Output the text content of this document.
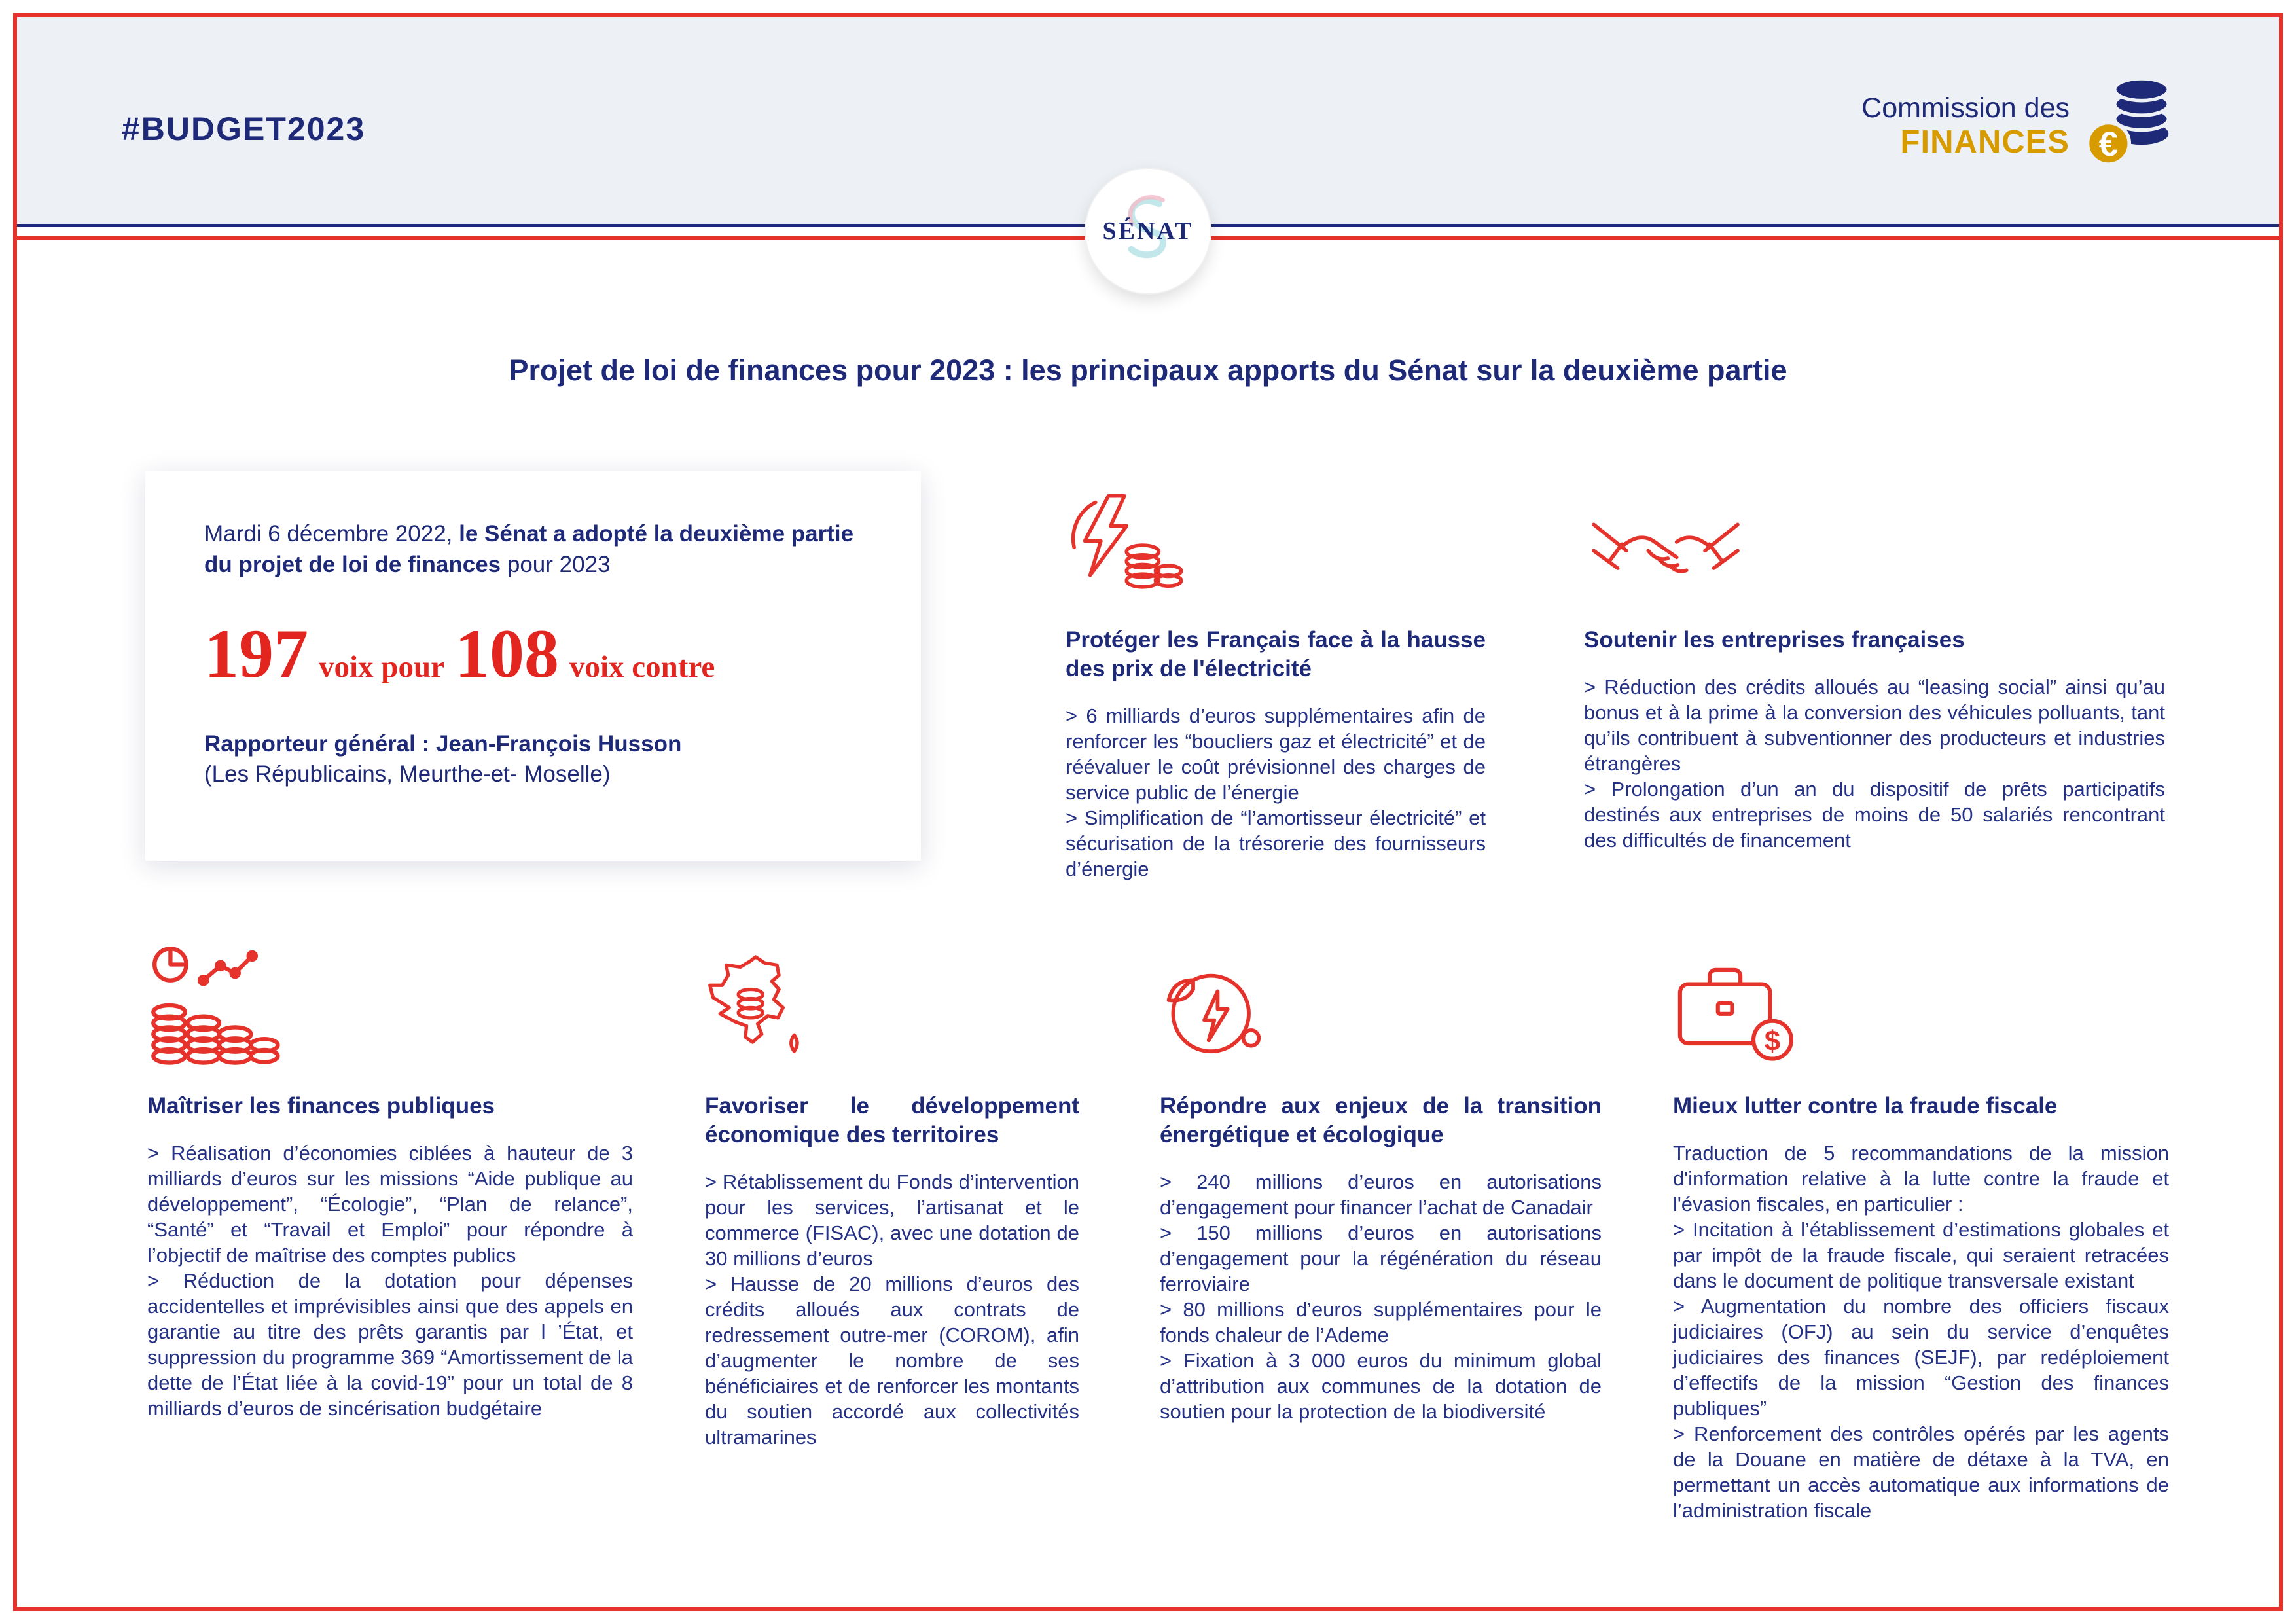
#BUDGET2023
Commission des
FINANCES €
SÉNAT
Projet de loi de finances pour 2023 : les principaux apports du Sénat sur la deuxième partie

Mardi 6 décembre 2022, le Sénat a adopté la deuxième partie du projet de loi de finances pour 2023

197 voix pour 108 voix contre

Rapporteur général : Jean-François Husson
(Les Républicains, Meurthe-et- Moselle)

Protéger les Français face à la hausse des prix de l'électricité

> 6 milliards d’euros supplémentaires afin de renforcer les “boucliers gaz et électricité” et de réévaluer le coût prévisionnel des charges de service public de l’énergie

> Simplification de “l’amortisseur électricité” et sécurisation de la trésorerie des fournisseurs d’énergie

Soutenir les entreprises françaises

> Réduction des crédits alloués au “leasing social” ainsi qu’au bonus et à la prime à la conversion des véhicules polluants, tant qu’ils contribuent à subventionner des producteurs et industries étrangères

> Prolongation d’un an du dispositif de prêts participatifs destinés aux entreprises de moins de 50 salariés rencontrant des difficultés de financement

Maîtriser les finances publiques

> Réalisation d’économies ciblées à hauteur de 3 milliards d’euros sur les missions “Aide publique au développement”, “Écologie”, “Plan de relance”, “Santé” et “Travail et Emploi” pour répondre à l’objectif de maîtrise des comptes publics

> Réduction de la dotation pour dépenses accidentelles et imprévisibles ainsi que des appels en garantie au titre des prêts garantis par l ’État, et suppression du programme 369 “Amortissement de la dette de l’État liée à la covid-19” pour un total de 8 milliards d’euros de sincérisation budgétaire

Favoriser le développement économique des territoires

> Rétablissement du Fonds d’intervention pour les services, l’artisanat et le commerce (FISAC), avec une dotation de 30 millions d’euros

> Hausse de 20 millions d’euros des crédits alloués aux contrats de redressement outre-mer (COROM), afin d’augmenter le nombre de ses bénéficiaires et de renforcer les montants du soutien accordé aux collectivités ultramarines

Répondre aux enjeux de la transition énergétique et écologique

> 240 millions d’euros en autorisations d’engagement pour financer l’achat de Canadair

> 150 millions d’euros en autorisations d’engagement pour la régénération du réseau ferroviaire

> 80 millions d’euros supplémentaires pour le fonds chaleur de l’Ademe

> Fixation à 3 000 euros du minimum global d’attribution aux communes de la dotation de soutien pour la protection de la biodiversité

$
Mieux lutter contre la fraude fiscale

Traduction de 5 recommandations de la mission d'information relative à la lutte contre la fraude et l'évasion fiscales, en particulier :

> Incitation à l’établissement d’estimations globales et par impôt de la fraude fiscale, qui seraient retracées dans le document de politique transversale existant

> Augmentation du nombre des officiers fiscaux judiciaires (OFJ) au sein du service d’enquêtes judiciaires des finances (SEJF), par redéploiement d’effectifs de la mission “Gestion des finances publiques”

> Renforcement des contrôles opérés par les agents de la Douane en matière de détaxe à la TVA, en permettant un accès automatique aux informations de l’administration fiscale
